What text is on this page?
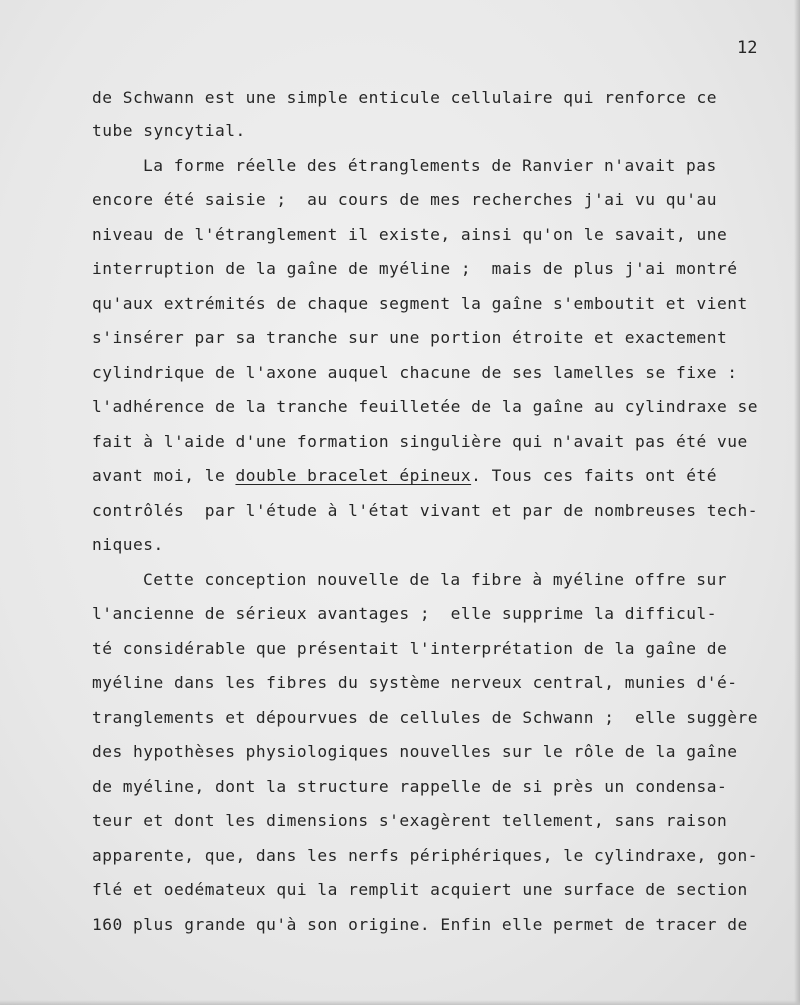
12
de Schwann est une simple enticule cellulaire qui renforce ce
tube syncytial.
La forme réelle des étranglements de Ranvier n'avait pas
encore été saisie ;  au cours de mes recherches j'ai vu qu'au
niveau de l'étranglement il existe, ainsi qu'on le savait, une
interruption de la gaîne de myéline ;  mais de plus j'ai montré
qu'aux extrémités de chaque segment la gaîne s'emboutit et vient
s'insérer par sa tranche sur une portion étroite et exactement
cylindrique de l'axone auquel chacune de ses lamelles se fixe :
l'adhérence de la tranche feuilletée de la gaîne au cylindraxe se
fait à l'aide d'une formation singulière qui n'avait pas été vue
avant moi, le double bracelet épineux. Tous ces faits ont été
contrôlés  par l'étude à l'état vivant et par de nombreuses tech-
niques.
Cette conception nouvelle de la fibre à myéline offre sur
l'ancienne de sérieux avantages ;  elle supprime la difficul-
té considérable que présentait l'interprétation de la gaîne de
myéline dans les fibres du système nerveux central, munies d'é-
tranglements et dépourvues de cellules de Schwann ;  elle suggère
des hypothèses physiologiques nouvelles sur le rôle de la gaîne
de myéline, dont la structure rappelle de si près un condensa-
teur et dont les dimensions s'exagèrent tellement, sans raison
apparente, que, dans les nerfs périphériques, le cylindraxe, gon-
flé et oedémateux qui la remplit acquiert une surface de section
160 plus grande qu'à son origine. Enfin elle permet de tracer de
